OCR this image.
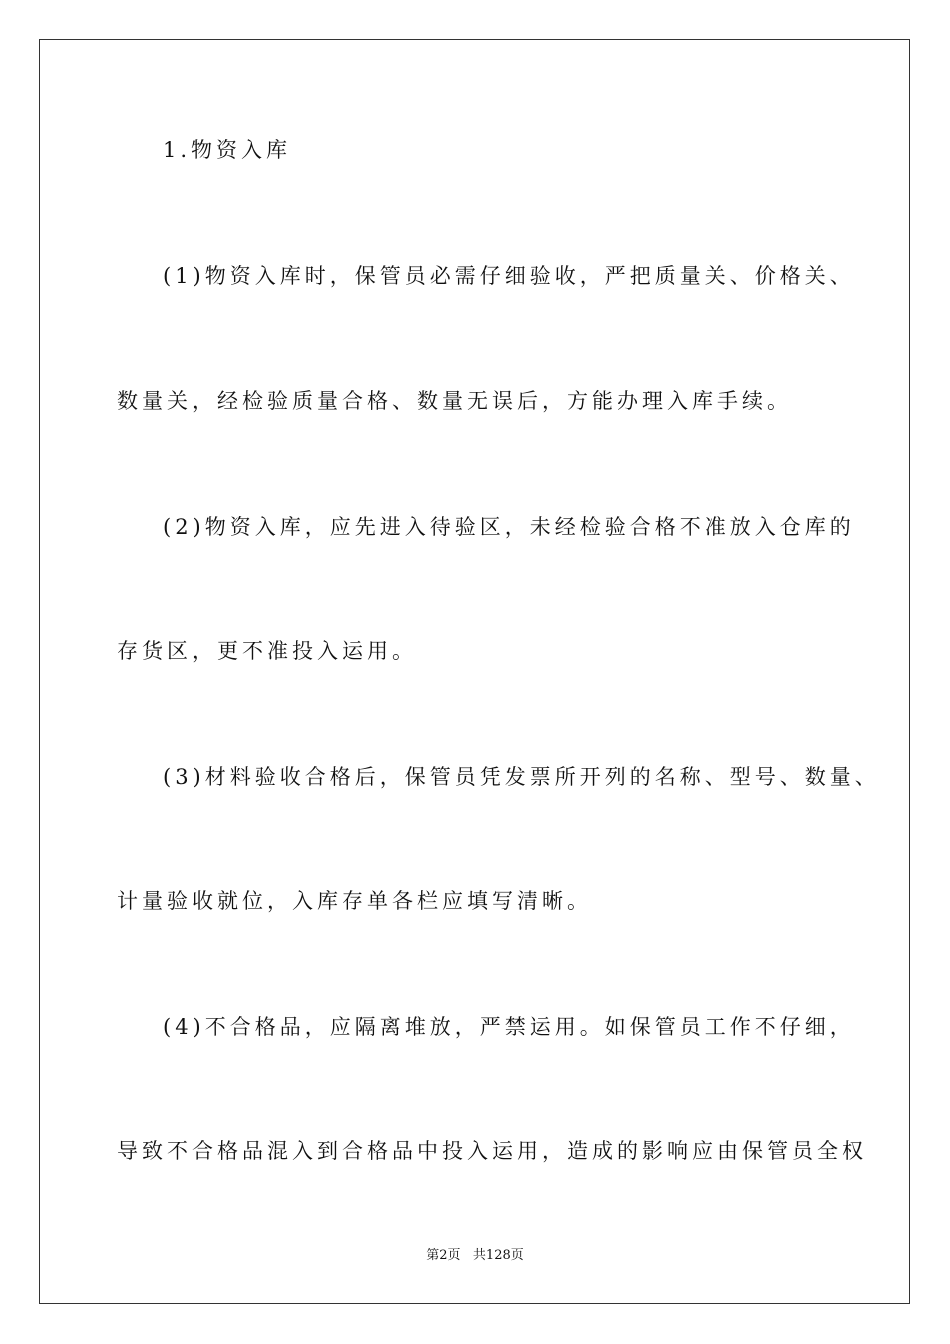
1.物资入库
(1)物资入库时，保管员必需仔细验收，严把质量关、价格关、
数量关，经检验质量合格、数量无误后，方能办理入库手续。
(2)物资入库，应先进入待验区，未经检验合格不准放入仓库的
存货区，更不准投入运用。
(3)材料验收合格后，保管员凭发票所开列的名称、型号、数量、
计量验收就位，入库存单各栏应填写清晰。
(4)不合格品，应隔离堆放，严禁运用。如保管员工作不仔细，
导致不合格品混入到合格品中投入运用，造成的影响应由保管员全权
第2页 共128页
